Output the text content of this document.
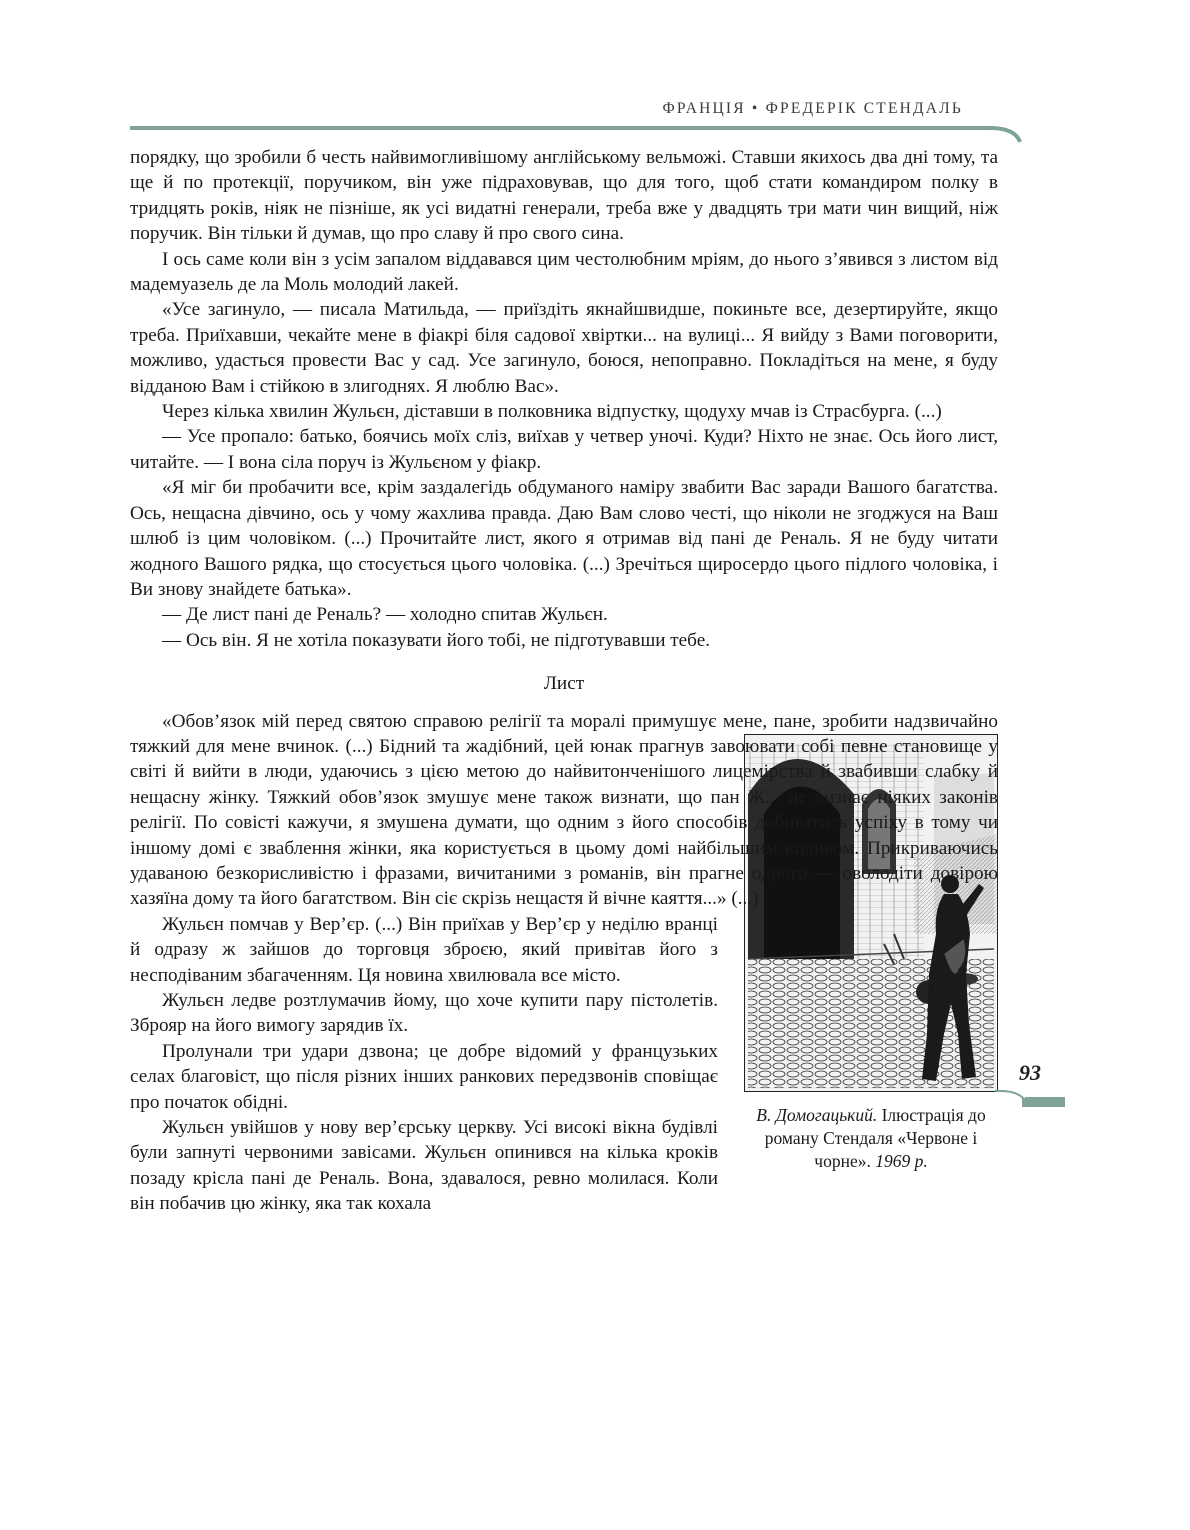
ФРАНЦІЯ • ФРЕДЕРІК СТЕНДАЛЬ

порядку, що зробили б честь найвимогливішому англійському вельможі. Ставши якихось два дні тому, та ще й по протекції, поручиком, він уже підраховував, що для того, щоб стати командиром полку в тридцять років, ніяк не пізніше, як усі видатні генерали, треба вже у двадцять три мати чин вищий, ніж поручик. Він тільки й думав, що про славу й про свого сина.

І ось саме коли він з усім запалом віддавався цим честолюбним мріям, до нього з’явився з листом від мадемуазель де ла Моль молодий лакей.

«Усе загинуло, — писала Матильда, — приїздіть якнайшвидше, покиньте все, дезертируйте, якщо треба. Приїхавши, чекайте мене в фіакрі біля садової хвіртки... на вулиці... Я вийду з Вами поговорити, можливо, удасться провести Вас у сад. Усе загинуло, боюся, непоправно. Покладіться на мене, я буду відданою Вам і стійкою в злигоднях. Я люблю Вас».

Через кілька хвилин Жульєн, діставши в полковника відпустку, щодуху мчав із Страсбурга. (...)

— Усе пропало: батько, боячись моїх сліз, виїхав у четвер уночі. Куди? Ніхто не знає. Ось його лист, читайте. — І вона сіла поруч із Жульєном у фіакр.

«Я міг би пробачити все, крім заздалегідь обдуманого наміру звабити Вас заради Вашого багатства. Ось, нещасна дівчино, ось у чому жахлива правда. Даю Вам слово честі, що ніколи не згоджуся на Ваш шлюб із цим чоловіком. (...) Прочитайте лист, якого я отримав від пані де Реналь. Я не буду читати жодного Вашого рядка, що стосується цього чоловіка. (...) Зречіться щиросердо цього підлого чоловіка, і Ви знову знайдете батька».

— Де лист пані де Реналь? — холодно спитав Жульєн.

— Ось він. Я не хотіла показувати його тобі, не підготувавши тебе.

Лист

«Обов’язок мій перед святою справою релігії та моралі примушує мене, пане, зробити надзвичайно тяжкий для мене вчинок. (...) Бідний та жадібний, цей юнак прагнув завоювати собі певне становище у світі й вийти в люди, удаючись з цією метою до найвитонченішого лицемірства й звабивши слабку й нещасну жінку. Тяжкий обов’язок змушує мене також визнати, що пан Ж... не визнає ніяких законів релігії. По совісті кажучи, я змушена думати, що одним з його способів добиватись успіху в тому чи іншому домі є зваблення жінки, яка користується в цьому домі найбільшим впливом. Прикриваючись удаваною безкорисливістю і фразами, вичитаними з романів, він прагне одного — оволодіти довірою хазяїна дому та його багатством. Він сіє скрізь нещастя й вічне каяття...» (...)

В. Домогацький. Ілюстрація до роману Стендаля «Червоне і чорне». 1969 р.

Жульєн помчав у Вер’єр. (...) Він приїхав у Вер’єр у неділю вранці й одразу ж зайшов до торговця зброєю, який привітав його з несподіваним збагаченням. Ця новина хвилювала все місто.

Жульєн ледве розтлумачив йому, що хоче купити пару пістолетів. Зброяр на його вимогу зарядив їх.

Пролунали три удари дзвона; це добре відомий у французьких селах благовіст, що після різних інших ранкових передзвонів сповіщає про початок обідні.

Жульєн увійшов у нову вер’єрську церкву. Усі високі вікна будівлі були запнуті червоними завісами. Жульєн опинився на кілька кроків позаду крісла пані де Реналь. Вона, здавалося, ревно молилася. Коли він побачив цю жінку, яка так кохала

93
